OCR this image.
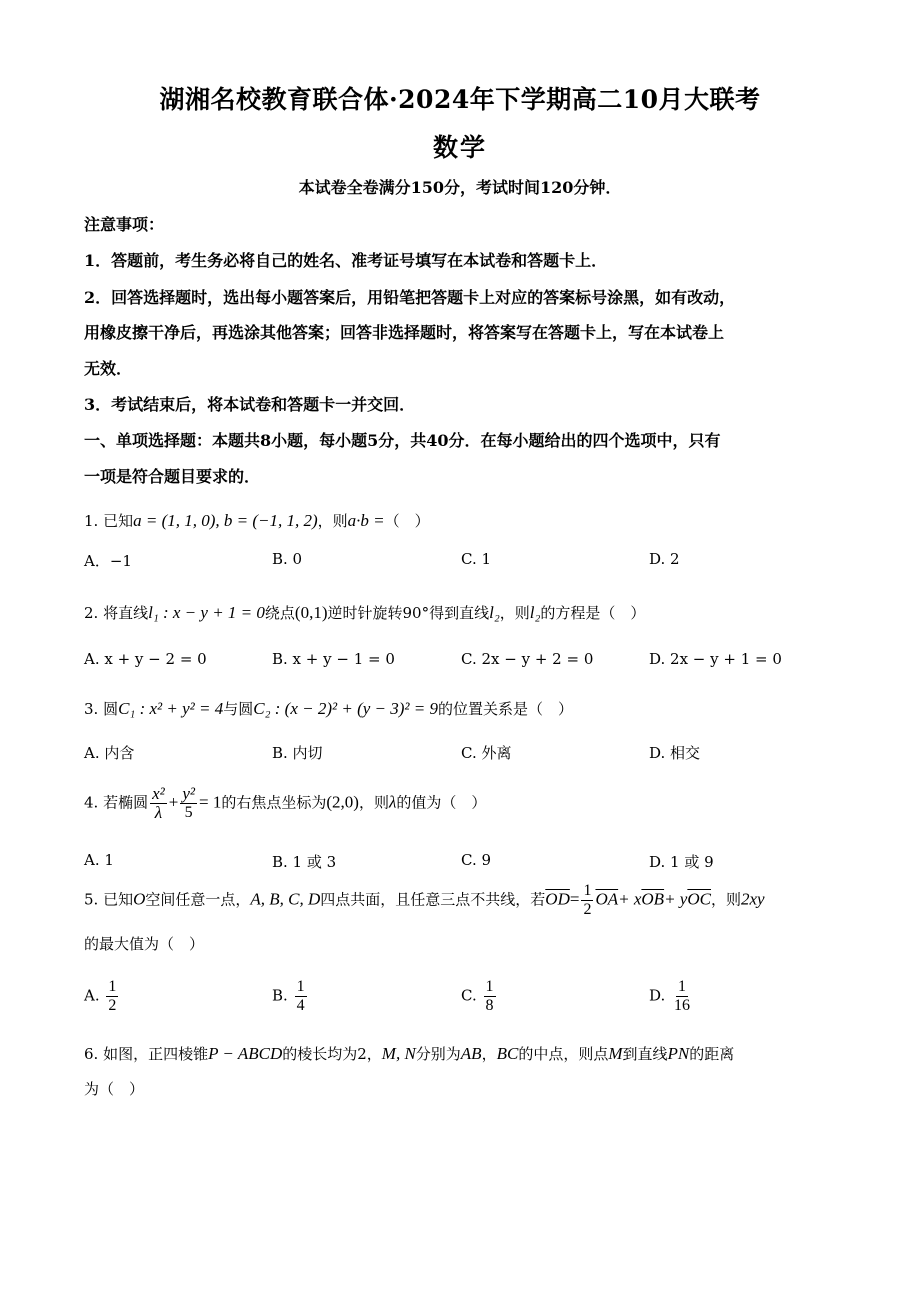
湖湘名校教育联合体·2024年下学期高二10月大联考
数学
本试卷全卷满分150分，考试时间120分钟．
注意事项：
1．答题前，考生务必将自己的姓名、准考证号填写在本试卷和答题卡上．
2．回答选择题时，选出每小题答案后，用铅笔把答题卡上对应的答案标号涂黑，如有改动，
用橡皮擦干净后，再选涂其他答案；回答非选择题时，将答案写在答题卡上，写在本试卷上
无效．
3．考试结束后，将本试卷和答题卡一并交回．
一、单项选择题：本题共8小题，每小题5分，共40分．在每小题给出的四个选项中，只有
一项是符合题目要求的．
1. 已知a = (1, 1, 0), b = (−1, 1, 2)，则a·b =（　）
A．−1	B. 0	C. 1	D. 2
2. 将直线l₁ : x − y + 1 = 0绕点(0,1)逆时针旋转90°得到直线l₂，则l₂的方程是（　）
A. x + y − 2 = 0	B. x + y − 1 = 0	C. 2x − y + 2 = 0	D. 2x − y + 1 = 0
3. 圆C₁ : x² + y² = 4与圆C₂ : (x − 2)² + (y − 3)² = 9的位置关系是（　）
A. 内含	B. 内切	C. 外离	D. 相交
4. 若椭圆 $\frac{\text{x²}}{\lambda} + \frac{\text{y²}}{5} = 1$的右焦点坐标为(2,0)，则λ的值为（　）
A. 1	B. 1 或 3	C. 9	D. 1 或 9
5. 已知O空间任意一点，A, B, C, D四点共面，且任意三点不共线，若$\overline{OD}= \frac{1}{2} \overline{OA}+ x\overline{OB}+ y\overline{OC}$，则2xy
的最大值为（　）
A. $\frac{1}{2}$	B. $\frac{1}{4}$	C. $\frac{1}{8}$	D. $\frac{1}{16}$
6. 如图，正四棱锥P − ABCD的棱长均为2，M, N分别为AB，BC的中点，则点M到直线PN的距离
为（　）
